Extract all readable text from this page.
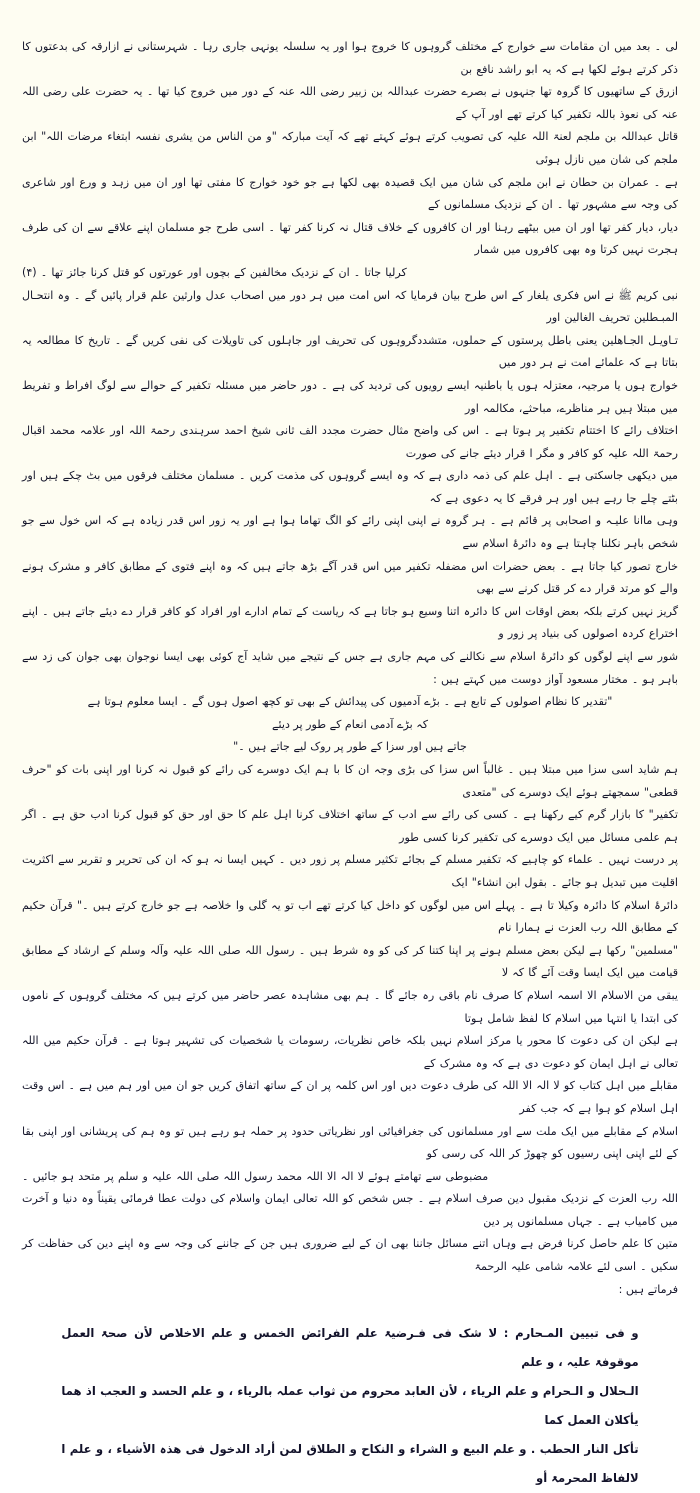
لی ۔ بعد میں ان مقامات سے خوارج کے مختلف گروہوں کا خروج ہوا اور یہ سلسلہ یونہی جاری رہا ۔ شہرستانی نے ازارقہ کی بدعتوں کا ذکر کرتے ہوئے لکھا ہے کہ یہ ابو راشد نافع بن
ازرق کے ساتھیوں کا گروہ تھا جنہوں نے بصرے حضرت عبداللہ بن زبیر رضی اللہ عنہ کے دور میں خروج کیا تھا ۔ یہ حضرت علی رضی اللہ عنہ کی نعوذ باللہ تکفیر کیا کرتے تھے اور آپ کے
قاتل عبداللہ بن ملجم لعنۃ اللہ علیہ کی تصویب کرتے ہوئے کہتے تھے کہ آیت مبارکہ "و من الناس من یشری نفسہ ابتغاء مرضات اللہ" ابن ملجم کی شان میں نازل ہوئی
ہے ۔ عمران بن حطان نے ابن ملجم کی شان میں ایک قصیدہ بھی لکھا ہے جو خود خوارج کا مفتی تھا اور ان میں زہد و ورع اور شاعری کی وجہ سے مشہور تھا ۔ ان کے نزدیک مسلمانوں کے
دیار، دیار کفر تھا اور ان میں بیٹھے رہنا اور ان کافروں کے خلاف قتال نہ کرنا کفر تھا ۔ اسی طرح جو مسلمان اپنے علاقے سے ان کی طرف ہجرت نہیں کرتا وہ بھی کافروں میں شمار
کرلیا جاتا ۔ ان کے نزدیک مخالفین کے بچوں اور عورتوں کو قتل کرنا جائز تھا ۔ (۴)
نبی کریم ﷺ نے اس فکری یلغار کے اس طرح بیان فرمایا کہ اس امت میں ہر دور میں اصحاب عدل وارثین علم قرار پائیں گے ۔ وہ انتحـال المبـطلین تحریف الغالین اور
تـاویـل الجـاھلین یعنی باطل پرستوں کے حملوں، متشددگروہوں کی تحریف اور جاہلوں کی تاویلات کی نفی کریں گے ۔ تاریخ کا مطالعہ یہ بتاتا ہے کہ علمائے امت نے ہر دور میں
خوارج ہوں یا مرجیہ، معتزلہ ہوں یا باطنیہ ایسے رویوں کی تردید کی ہے ۔ دور حاضر میں مسئلہ تکفیر کے حوالے سے لوگ افراط و تفریط میں مبتلا ہیں ہر مناظرے، مباحثے، مکالمہ اور
اختلاف رائے کا اختتام تکفیر پر ہوتا ہے ۔ اس کی واضح مثال حضرت مجدد الف ثانی شیخ احمد سرہندی رحمۃ اللہ اور علامہ محمد اقبال رحمۃ اللہ علیہ کو کافر و مگر ا قرار دیئے جانے کی صورت
میں دیکھی جاسکتی ہے ۔ اہل علم کی ذمہ داری ہے کہ وہ ایسے گروہوں کی مذمت کریں ۔ مسلمان مختلف فرقوں میں بٹ چکے ہیں اور بٹتے چلے جا رہے ہیں اور ہر فرقے کا یہ دعوی ہے کہ
وہی ماانا علیـہ و اصحابی پر قائم ہے ۔ ہر گروہ نے اپنی اپنی رائے کو الگ تھاما ہوا ہے اور یہ زور اس قدر زیادہ ہے کہ اس خول سے جو شخص باہر نکلنا چاہتا ہے وہ دائرۂ اسلام سے
خارج تصور کیا جاتا ہے ۔ بعض حضرات اس مضفلہ تکفیر میں اس قدر آگے بڑھ جاتے ہیں کہ وہ اپنے فتوی کے مطابق کافر و مشرک ہونے والے کو مرتد قرار دے کر قتل کرنے سے بھی
گریز نہیں کرتے بلکہ بعض اوقات اس کا دائرہ اتنا وسیع ہو جاتا ہے کہ ریاست کے تمام ادارے اور افراد کو کافر قرار دے دیئے جاتے ہیں ۔ اپنے اختراع کردہ اصولوں کی بنیاد پر زور و
شور سے اپنے لوگوں کو دائرۂ اسلام سے نکالنے کی مہم جاری ہے جس کے نتیجے میں شاید آج کوئی بھی ایسا نوجوان بھی جوان کی زد سے باہر ہو ۔ مختار مسعود آواز دوست میں کہتے ہیں :
"تقدیر کا نظام اصولوں کے تابع ہے ۔ بڑے آدمیوں کی پیدائش کے بھی تو کچھ اصول ہوں گے ۔ ایسا معلوم ہوتا ہے کہ بڑے آدمی انعام کے طور پر دیئے
جاتے ہیں اور سزا کے طور پر روک لیے جاتے ہیں ۔"
ہم شاید اسی سزا میں مبتلا ہیں ۔ غالباً اس سزا کی بڑی وجہ ان کا با ہم ایک دوسرے کی رائے کو قبول نہ کرنا اور اپنی بات کو "حرف قطعی" سمجھتے ہوئے ایک دوسرے کی "متعدی
تکفیر" کا بازار گرم کیے رکھنا ہے ۔ کسی کی رائے سے ادب کے ساتھ اختلاف کرنا اہل علم کا حق اور حق کو قبول کرنا ادب حق ہے ۔ اگر ہم علمی مسائل میں ایک دوسرے کی تکفیر کرنا کسی طور
پر درست نہیں ۔ علماء کو چاہیے کہ تکفیر مسلم کے بجائے تکثیر مسلم پر زور دیں ۔ کہیں ایسا نہ ہو کہ ان کی تحریر و تقریر سے اکثریت اقلیت میں تبدیل ہو جائے ۔ بقول ابن انشاء" ایک
دائرۂ اسلام کا دائرہ وکیلا تا ہے ۔ پہلے اس میں لوگوں کو داخل کیا کرتے تھے اب تو یہ گلی وا خلاصہ ہے جو خارج کرتے ہیں ۔" قرآن حکیم کے مطابق اللہ رب العزت نے ہمارا نام
"مسلمین" رکھا ہے لیکن بعض مسلم ہونے پر اپنا کتنا کر کی کو وہ شرط ہیں ۔ رسول اللہ صلی اللہ علیہ وآلہ وسلم کے ارشاد کے مطابق قیامت میں ایک ایسا وقت آئے گا کہ لا
یبقی من الاسلام الا اسمہ اسلام کا صرف نام باقی رہ جائے گا ۔ ہم بھی مشاہدہ عصر حاضر میں کرتے ہیں کہ مختلف گروہوں کے ناموں کی ابتدا یا انتہا میں اسلام کا لفظ شامل ہوتا
ہے لیکن ان کی دعوت کا محور یا مرکز اسلام نہیں بلکہ خاص نظریات، رسومات یا شخصیات کی تشہیر ہوتا ہے ۔ قرآن حکیم میں اللہ تعالی نے اہل ایمان کو دعوت دی ہے کہ وہ مشرک کے
مقابلے میں اہل کتاب کو لا الہ الا اللہ کی طرف دعوت دیں اور اس کلمہ پر ان کے ساتھ اتفاق کریں جو ان میں اور ہم میں ہے ۔ اس وقت اہل اسلام کو ہوا ہے کہ جب کفر
اسلام کے مقابلے میں ایک ملت سے اور مسلمانوں کی جغرافیائی اور نظریاتی حدود پر حملہ ہو رہے ہیں تو وہ ہم کی پریشانی اور اپنی بقا کے لئے اپنی اپنی رسیوں کو چھوڑ کر اللہ کی رسی کو
مضبوطی سے تھامتے ہوئے لا الہ الا اللہ محمد رسول اللہ صلی اللہ علیہ و سلم پر متحد ہو جائیں ۔
اللہ رب العزت کے نزدیک مقبول دین صرف اسلام ہے ۔ جس شخص کو اللہ تعالی ایمان واسلام کی دولت عطا فرمائی یقیناً وہ دنیا و آخرت میں کامیاب ہے ۔ جہاں مسلمانوں پر دین
متین کا علم حاصل کرنا فرض ہے وہاں اتنے مسائل جاننا بھی ان کے لیے ضروری ہیں جن کے جاننے کی وجہ سے وہ اپنے دین کی حفاظت کر سکیں ۔ اسی لئے علامہ شامی علیہ الرحمۃ
فرماتے ہیں :
و فی تبیین المـحارم : لا شک فی فـرضیۃ علم الفرائض الخمس و علم الاخلاص لأن صحۃ العمل موقوفۃ علیہ ، و علم
الـحلال و الـحرام و علم الریاء ، لأن العابد محروم من ثواب عملہ بالریاء ، و علم الحسد و العجب اذ ھما یأکلان العمل کما
تأکل النار الحطب . و علم البیع و الشراء و النکاح و الطلاق لمن أراد الدخول فی ھذہ الأشیاء ، و علم ا لالفاظ المحرمۃ أو
